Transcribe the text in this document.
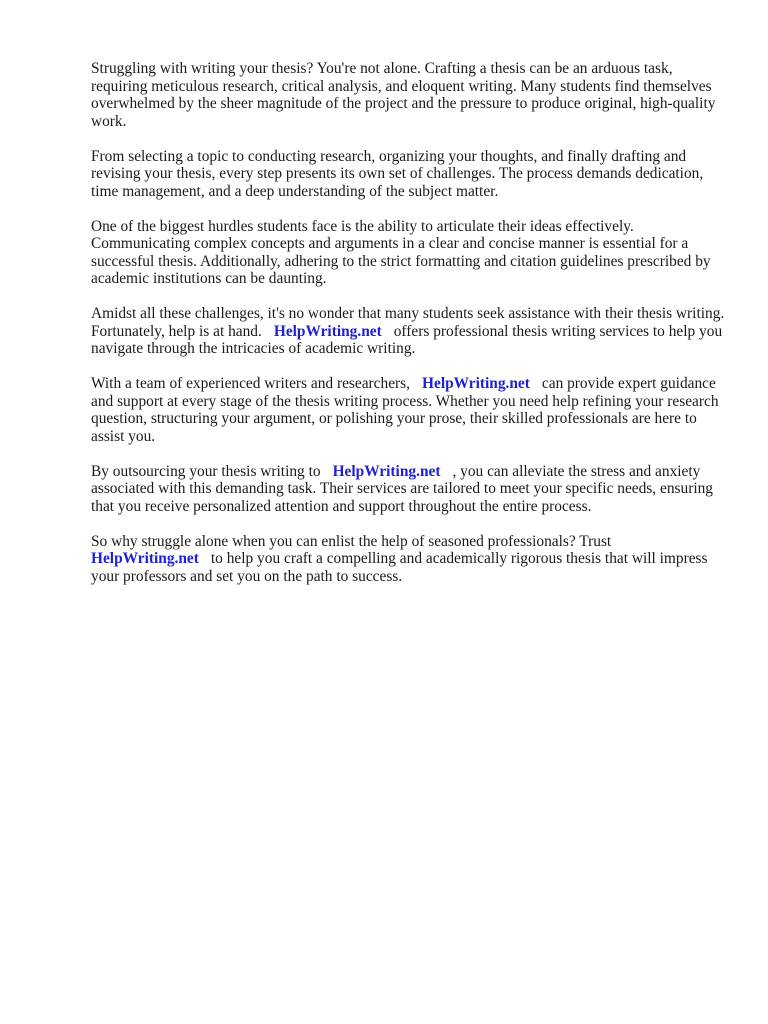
Struggling with writing your thesis? You're not alone. Crafting a thesis can be an arduous task, requiring meticulous research, critical analysis, and eloquent writing. Many students find themselves overwhelmed by the sheer magnitude of the project and the pressure to produce original, high-quality work.

From selecting a topic to conducting research, organizing your thoughts, and finally drafting and revising your thesis, every step presents its own set of challenges. The process demands dedication, time management, and a deep understanding of the subject matter.

One of the biggest hurdles students face is the ability to articulate their ideas effectively. Communicating complex concepts and arguments in a clear and concise manner is essential for a successful thesis. Additionally, adhering to the strict formatting and citation guidelines prescribed by academic institutions can be daunting.

Amidst all these challenges, it's no wonder that many students seek assistance with their thesis writing. Fortunately, help is at hand. HelpWriting.net offers professional thesis writing services to help you navigate through the intricacies of academic writing.

With a team of experienced writers and researchers, HelpWriting.net can provide expert guidance and support at every stage of the thesis writing process. Whether you need help refining your research question, structuring your argument, or polishing your prose, their skilled professionals are here to assist you.

By outsourcing your thesis writing to HelpWriting.net , you can alleviate the stress and anxiety associated with this demanding task. Their services are tailored to meet your specific needs, ensuring that you receive personalized attention and support throughout the entire process.

So why struggle alone when you can enlist the help of seasoned professionals? Trust
HelpWriting.net to help you craft a compelling and academically rigorous thesis that will impress your professors and set you on the path to success.
